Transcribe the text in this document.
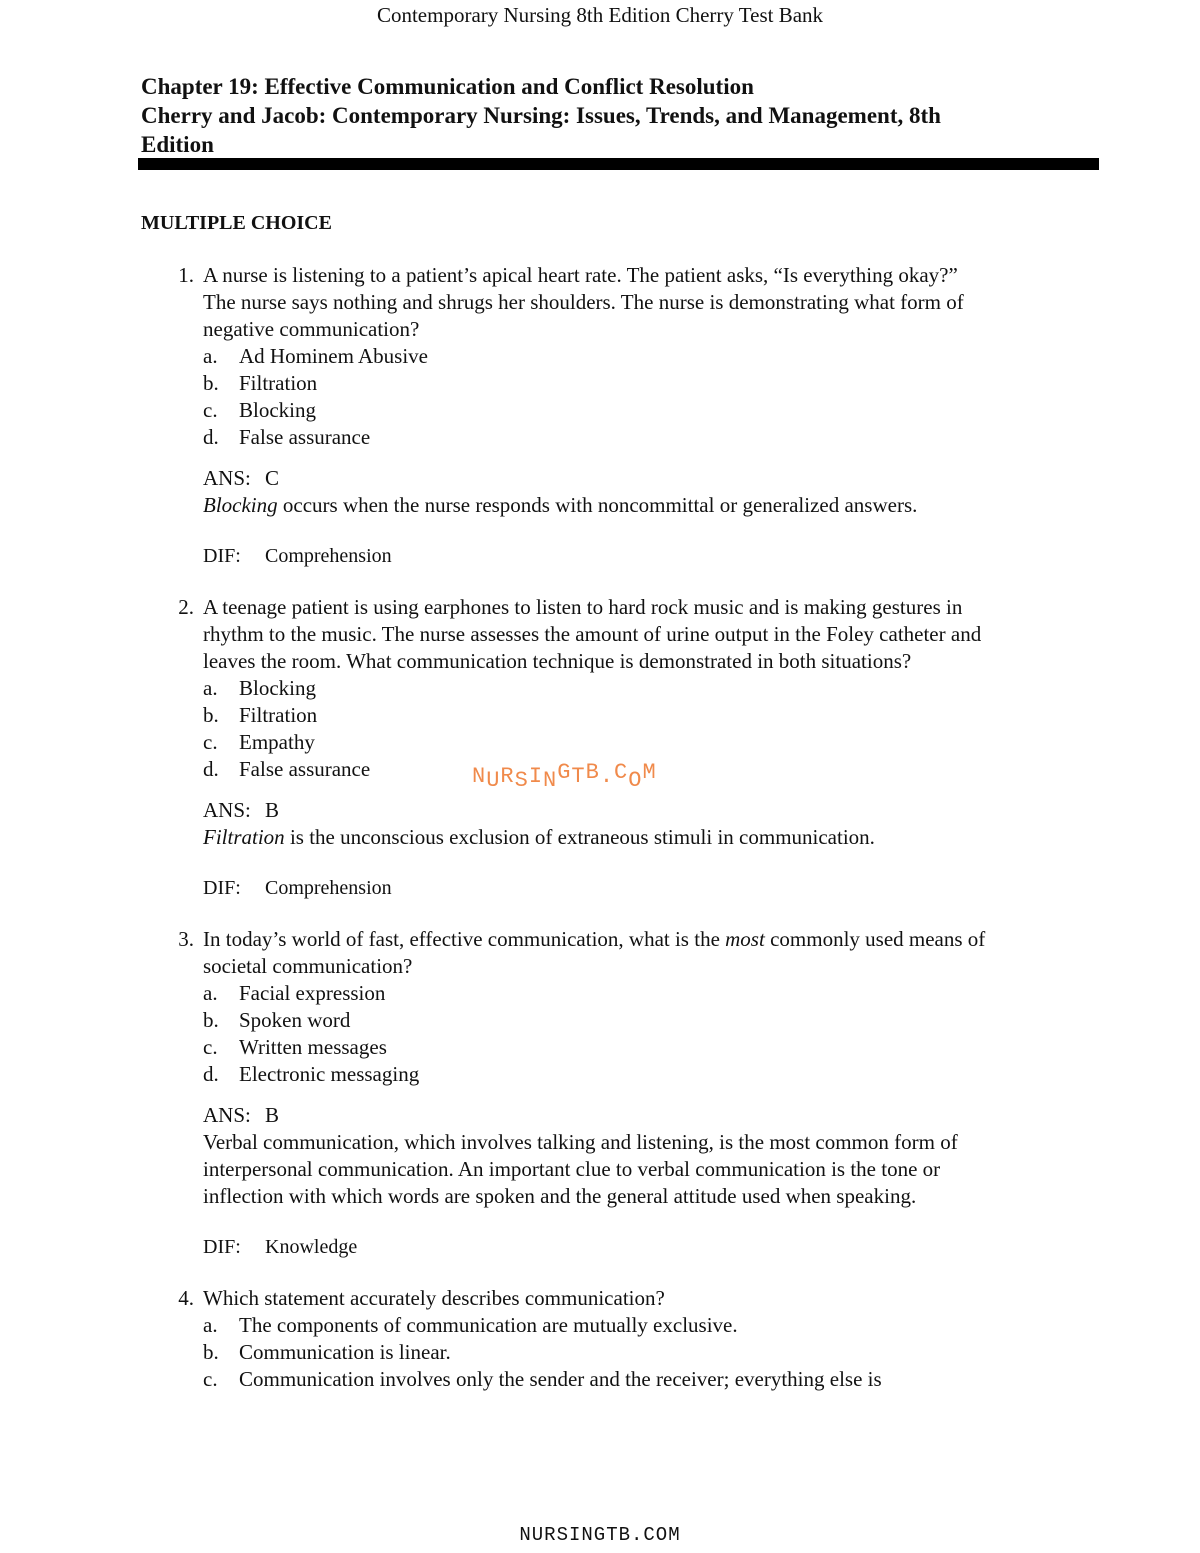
Contemporary Nursing 8th Edition Cherry Test Bank
Chapter 19: Effective Communication and Conflict Resolution
Cherry and Jacob: Contemporary Nursing: Issues, Trends, and Management, 8th
Edition
MULTIPLE CHOICE
1. A nurse is listening to a patient’s apical heart rate. The patient asks, “Is everything okay?”
The nurse says nothing and shrugs her shoulders. The nurse is demonstrating what form of
negative communication?

a.	Ad Hominem Abusive
b. Filtration
c.	Blocking
d. False assurance
ANS: C

Blocking occurs when the nurse responds with noncommittal or generalized answers.

DIF: Comprehension
2. A teenage patient is using earphones to listen to hard rock music and is making gestures in
rhythm to the music. The nurse assesses the amount of urine output in the Foley catheter and
leaves the room. What communication technique is demonstrated in both situations?

a.	Blocking
b. Filtration
c.	Empathy
d. False assurance
ANS: B

Filtration is the unconscious exclusion of extraneous stimuli in communication.

DIF: Comprehension
3. In today’s world of fast, effective communication, what is the most commonly used means of
societal communication?

a.	Facial expression
b. Spoken word
c.	Written messages
d. Electronic messaging
ANS: B

Verbal communication, which involves talking and listening, is the most common form of
interpersonal communication. An important clue to verbal communication is the tone or
inflection with which words are spoken and the general attitude used when speaking.

DIF: Knowledge
4. Which statement accurately describes communication?

a.	The components of communication are mutually exclusive.
b. Communication is linear.
c.	Communication involves only the sender and the receiver; everything else is
NURSINGTB.COM
NURSINGTB.COM
